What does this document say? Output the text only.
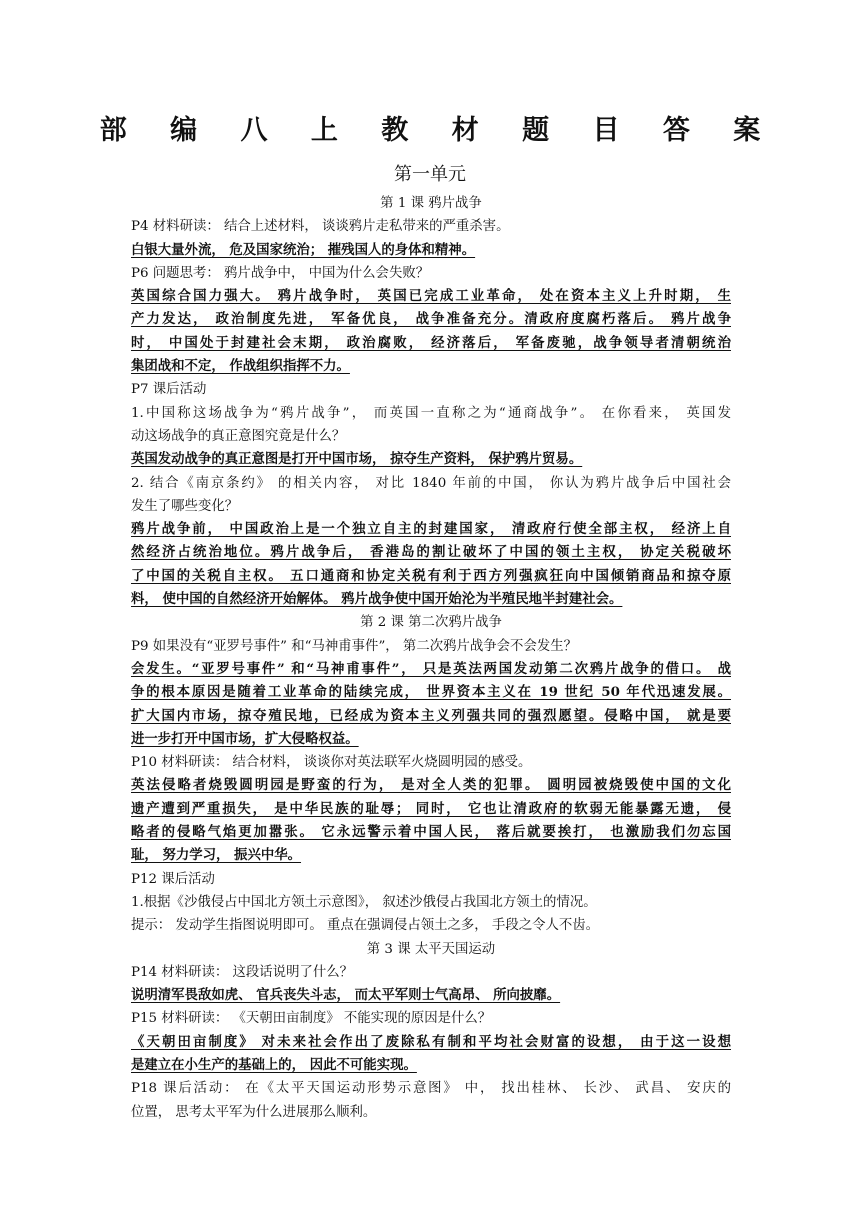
部 编 八 上 教 材 题 目 答 案
第一单元
第 1 课 鸦片战争
P4 材料研读： 结合上述材料， 谈谈鸦片走私带来的严重杀害。
白银大量外流， 危及国家统治； 摧残国人的身体和精神。
P6 问题思考： 鸦片战争中， 中国为什么会失败？
英国综合国力强大。 鸦片战争时， 英国已完成工业革命， 处在资本主义上升时期， 生
产力发达， 政治制度先进， 军备优良， 战争准备充分。清政府度腐朽落后。 鸦片战争
时， 中国处于封建社会末期， 政治腐败， 经济落后， 军备废驰，战争领导者清朝统治
集团战和不定， 作战组织指挥不力。
P7 课后活动
1.中国称这场战争为“鸦片战争”， 而英国一直称之为“通商战争”。 在你看来， 英国发
动这场战争的真正意图究竟是什么？
英国发动战争的真正意图是打开中国市场， 掠夺生产资料， 保护鸦片贸易。
2. 结合《南京条约》 的相关内容， 对比 1840 年前的中国， 你认为鸦片战争后中国社会
发生了哪些变化？
鸦片战争前， 中国政治上是一个独立自主的封建国家， 清政府行使全部主权， 经济上自
然经济占统治地位。鸦片战争后， 香港岛的割让破坏了中国的领土主权， 协定关税破坏
了中国的关税自主权。 五口通商和协定关税有利于西方列强疯狂向中国倾销商品和掠夺原
料， 使中国的自然经济开始解体。 鸦片战争使中国开始沦为半殖民地半封建社会。
第 2 课 第二次鸦片战争
P9 如果没有“亚罗号事件” 和“马神甫事件”， 第二次鸦片战争会不会发生？
会发生。“亚罗号事件” 和“马神甫事件”， 只是英法两国发动第二次鸦片战争的借口。 战
争的根本原因是随着工业革命的陆续完成， 世界资本主义在 19 世纪 50 年代迅速发展。
扩大国内市场，掠夺殖民地，已经成为资本主义列强共同的强烈愿望。侵略中国， 就是要
进一步打开中国市场，扩大侵略权益。
P10 材料研读： 结合材料， 谈谈你对英法联军火烧圆明园的感受。
英法侵略者烧毁圆明园是野蛮的行为， 是对全人类的犯罪。 圆明园被烧毁使中国的文化
遗产遭到严重损失， 是中华民族的耻辱； 同时， 它也让清政府的软弱无能暴露无遗， 侵
略者的侵略气焰更加嚣张。 它永远警示着中国人民， 落后就要挨打， 也激励我们勿忘国
耻， 努力学习， 振兴中华。
P12 课后活动
1.根据《沙俄侵占中国北方领土示意图》， 叙述沙俄侵占我国北方领土的情况。
提示： 发动学生指图说明即可。 重点在强调侵占领土之多， 手段之令人不齿。
第 3 课 太平天国运动
P14 材料研读： 这段话说明了什么？
说明清军畏敌如虎、 官兵丧失斗志， 而太平军则士气高昂、 所向披靡。
P15 材料研读： 《天朝田亩制度》 不能实现的原因是什么？
《天朝田亩制度》 对未来社会作出了废除私有制和平均社会财富的设想， 由于这一设想
是建立在小生产的基础上的， 因此不可能实现。
P18 课后活动： 在《太平天国运动形势示意图》 中， 找出桂林、 长沙、 武昌、 安庆的
位置， 思考太平军为什么进展那么顺利。
